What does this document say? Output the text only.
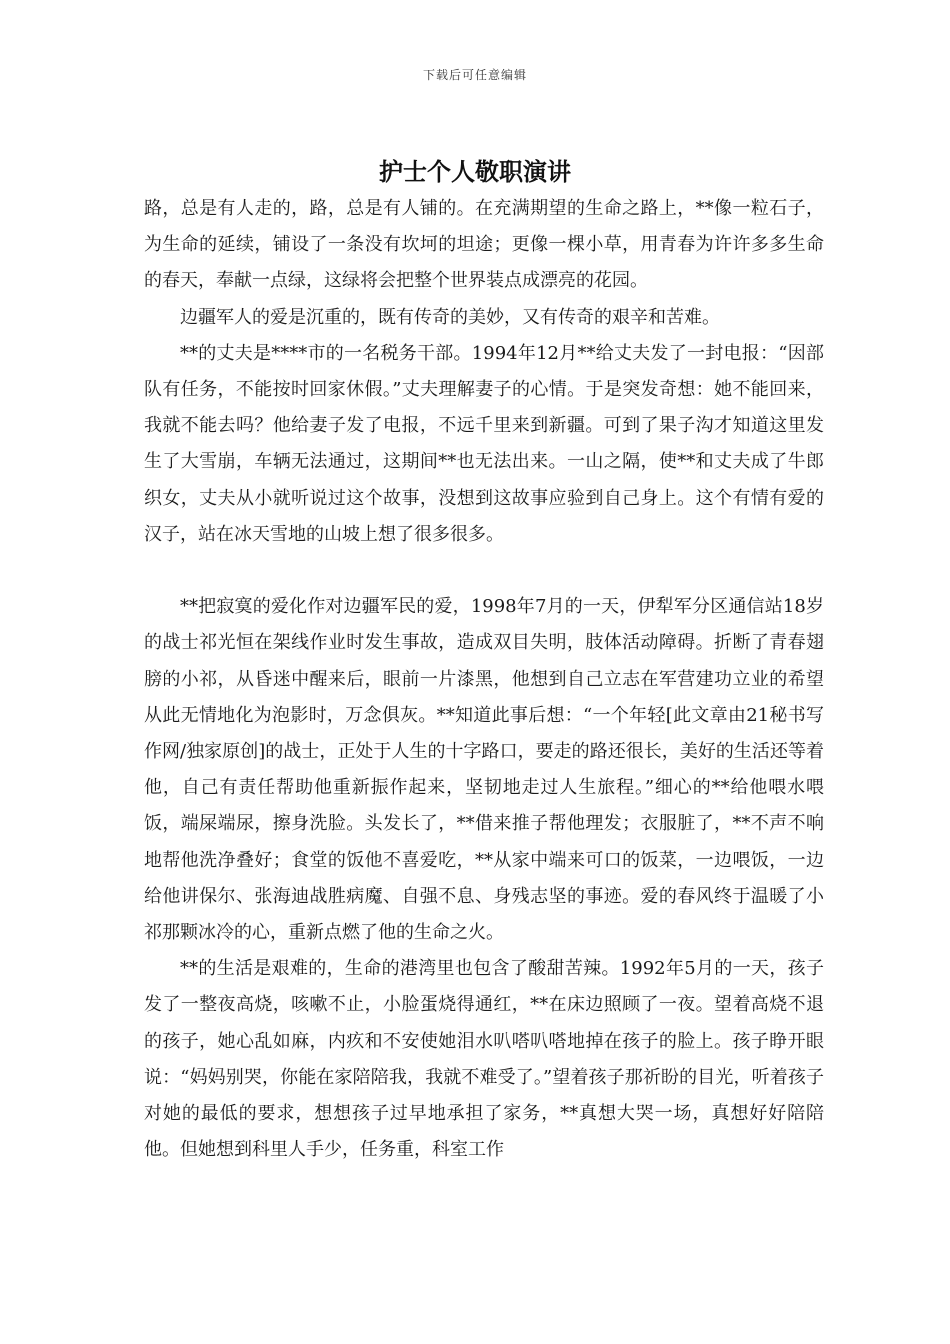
下载后可任意编辑
护士个人敬职演讲

路，总是有人走的，路，总是有人铺的。在充满期望的生命之路上，**像一粒石子，为生命的延续，铺设了一条没有坎坷的坦途；更像一棵小草，用青春为许许多多生命的春天，奉献一点绿，这绿将会把整个世界装点成漂亮的花园。

边疆军人的爱是沉重的，既有传奇的美妙，又有传奇的艰辛和苦难。

**的丈夫是****市的一名税务干部。1994年12月**给丈夫发了一封电报：“因部队有任务，不能按时回家休假。”丈夫理解妻子的心情。于是突发奇想：她不能回来，我就不能去吗？他给妻子发了电报，不远千里来到新疆。可到了果子沟才知道这里发生了大雪崩，车辆无法通过，这期间**也无法出来。一山之隔，使**和丈夫成了牛郎织女，丈夫从小就听说过这个故事，没想到这故事应验到自己身上。这个有情有爱的汉子，站在冰天雪地的山坡上想了很多很多。

**把寂寞的爱化作对边疆军民的爱，1998年7月的一天，伊犁军分区通信站18岁的战士祁光恒在架线作业时发生事故，造成双目失明，肢体活动障碍。折断了青春翅膀的小祁，从昏迷中醒来后，眼前一片漆黑，他想到自己立志在军营建功立业的希望从此无情地化为泡影时，万念俱灰。**知道此事后想：“一个年轻[此文章由21秘书写作网/独家原创]的战士，正处于人生的十字路口，要走的路还很长，美好的生活还等着他，自己有责任帮助他重新振作起来，坚韧地走过人生旅程。”细心的**给他喂水喂饭，端屎端尿，擦身洗脸。头发长了，**借来推子帮他理发；衣服脏了，**不声不响地帮他洗净叠好；食堂的饭他不喜爱吃，**从家中端来可口的饭菜，一边喂饭，一边给他讲保尔、张海迪战胜病魔、自强不息、身残志坚的事迹。爱的春风终于温暖了小祁那颗冰冷的心，重新点燃了他的生命之火。

**的生活是艰难的，生命的港湾里也包含了酸甜苦辣。1992年5月的一天，孩子发了一整夜高烧，咳嗽不止，小脸蛋烧得通红，**在床边照顾了一夜。望着高烧不退的孩子，她心乱如麻，内疚和不安使她泪水叭嗒叭嗒地掉在孩子的脸上。孩子睁开眼说：“妈妈别哭，你能在家陪陪我，我就不难受了。”望着孩子那祈盼的目光，听着孩子对她的最低的要求，想想孩子过早地承担了家务，**真想大哭一场，真想好好陪陪他。但她想到科里人手少，任务重，科室工作
